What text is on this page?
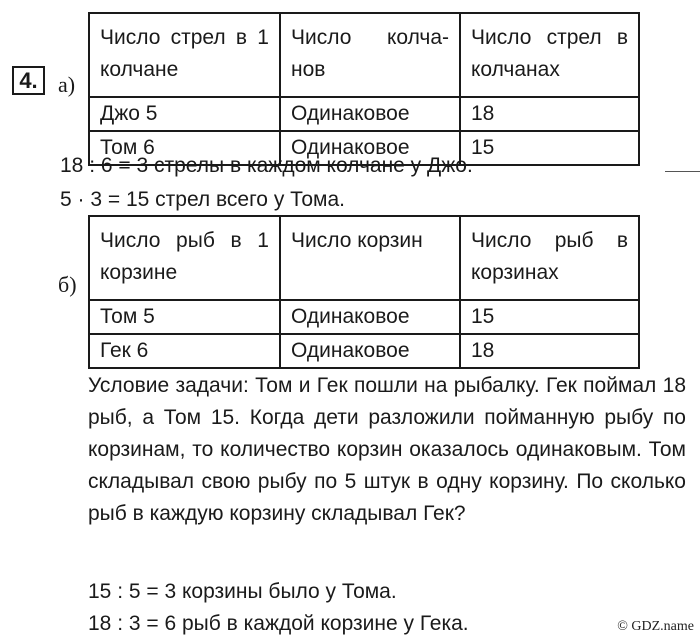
4. а)
Число стрел в 1 колчане	Число колча-нов	Число стрел в колчанах

Джо 5	Одинаковое	18
Том 6	Одинаковое	15
18 : 6 = 3 стрелы в каждом колчане у Джо.
5 · 3 = 15 стрел всего у Тома.
б)
Число рыб в 1 корзине	Число корзин	Число рыб в корзинах

Том 5	Одинаковое	15
Гек 6	Одинаковое	18
Условие задачи: Том и Гек пошли на рыбалку. Гек поймал 18 рыб, а Том 15. Когда дети разложили пойманную рыбу по корзинам, то количество корзин оказалось одинаковым. Том складывал свою рыбу по 5 штук в одну корзину. По сколько рыб в каждую корзину складывал Гек?
15 : 5 = 3 корзины было у Тома.
18 : 3 = 6 рыб в каждой корзине у Гека.	© GDZ.name
